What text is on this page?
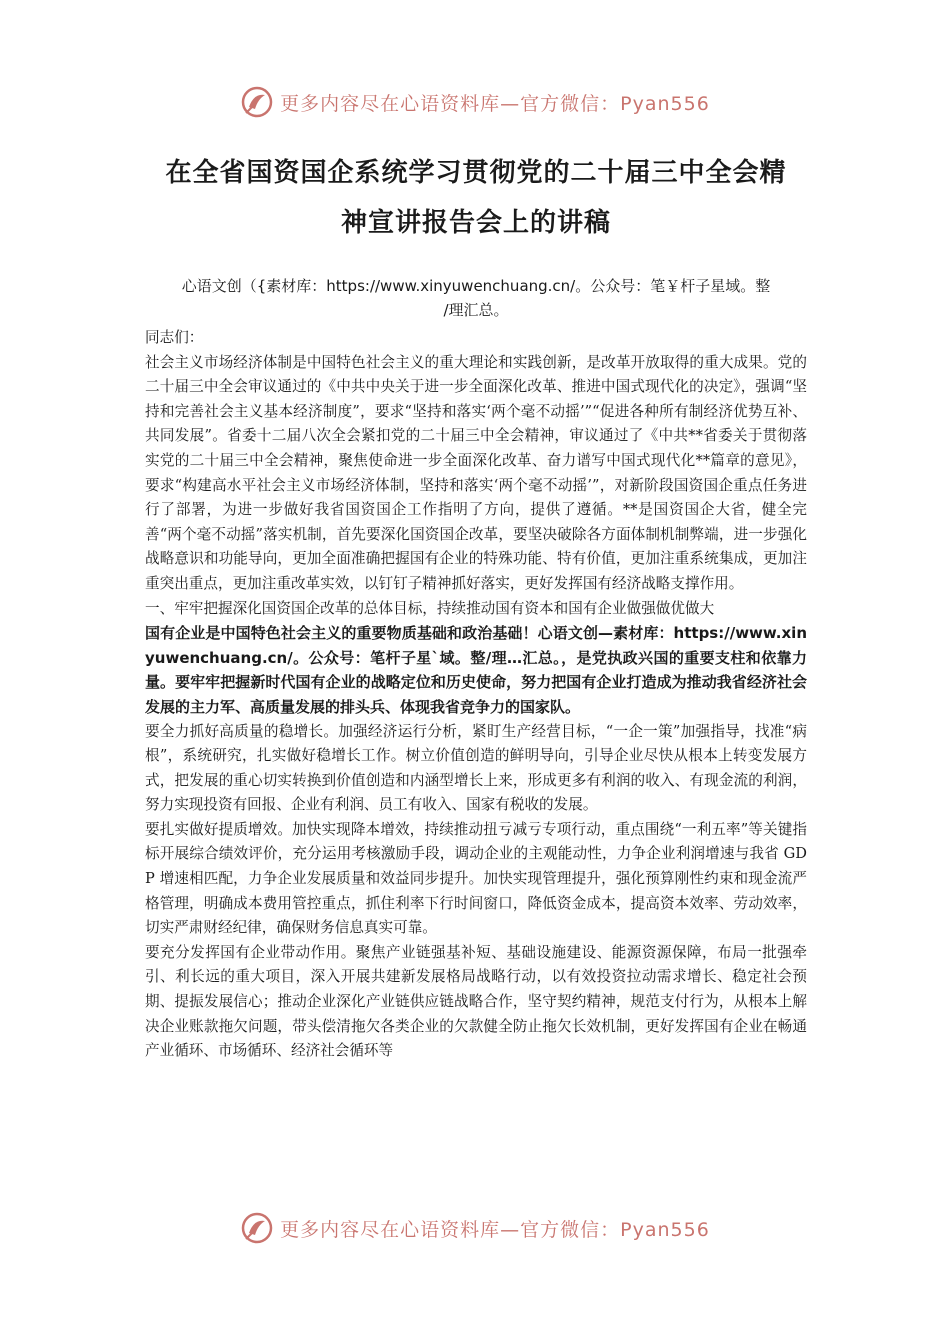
更多内容尽在心语资料库—官方微信：Pyan556
在全省国资国企系统学习贯彻党的二十届三中全会精
神宣讲报告会上的讲稿
心语文创（{素材库：https://www.xinyuwenchuang.cn/。公众号：笔￥杆子星域。整
/理汇总。

同志们：

社会主义市场经济体制是中国特色社会主义的重大理论和实践创新，是改革开放取得的重大成果。党的二十届三中全会审议通过的《中共中央关于进一步全面深化改革、推进中国式现代化的决定》，强调“坚持和完善社会主义基本经济制度”，要求“坚持和落实‘两个毫不动摇’”“促进各种所有制经济优势互补、共同发展”。省委十二届八次全会紧扣党的二十届三中全会精神，审议通过了《中共**省委关于贯彻落实党的二十届三中全会精神，聚焦使命进一步全面深化改革、奋力谱写中国式现代化**篇章的意见》，要求“构建高水平社会主义市场经济体制，坚持和落实‘两个毫不动摇’”，对新阶段国资国企重点任务进行了部署，为进一步做好我省国资国企工作指明了方向，提供了遵循。**是国资国企大省，健全完善“两个毫不动摇”落实机制，首先要深化国资国企改革，要坚决破除各方面体制机制弊端，进一步强化战略意识和功能导向，更加全面准确把握国有企业的特殊功能、特有价值，更加注重系统集成，更加注重突出重点，更加注重改革实效，以钉钉子精神抓好落实，更好发挥国有经济战略支撑作用。

一、牢牢把握深化国资国企改革的总体目标，持续推动国有资本和国有企业做强做优做大

国有企业是中国特色社会主义的重要物质基础和政治基础！心语文创—素材库：https://www.xinyuwenchuang.cn/。公众号：笔杆子星`域。整/理…汇总。，是党执政兴国的重要支柱和依靠力量。要牢牢把握新时代国有企业的战略定位和历史使命，努力把国有企业打造成为推动我省经济社会发展的主力军、高质量发展的排头兵、体现我省竞争力的国家队。

要全力抓好高质量的稳增长。加强经济运行分析，紧盯生产经营目标，“一企一策”加强指导，找准“病根”，系统研究，扎实做好稳增长工作。树立价值创造的鲜明导向，引导企业尽快从根本上转变发展方式，把发展的重心切实转换到价值创造和内涵型增长上来，形成更多有利润的收入、有现金流的利润，努力实现投资有回报、企业有利润、员工有收入、国家有税收的发展。

要扎实做好提质增效。加快实现降本增效，持续推动扭亏减亏专项行动，重点围绕“一利五率”等关键指标开展综合绩效评价，充分运用考核激励手段，调动企业的主观能动性，力争企业利润增速与我省 GDP 增速相匹配，力争企业发展质量和效益同步提升。加快实现管理提升，强化预算刚性约束和现金流严格管理，明确成本费用管控重点，抓住利率下行时间窗口，降低资金成本，提高资本效率、劳动效率，切实严肃财经纪律，确保财务信息真实可靠。

要充分发挥国有企业带动作用。聚焦产业链强基补短、基础设施建设、能源资源保障，布局一批强牵引、利长远的重大项目，深入开展共建新发展格局战略行动，以有效投资拉动需求增长、稳定社会预期、提振发展信心；推动企业深化产业链供应链战略合作，坚守契约精神，规范支付行为，从根本上解决企业账款拖欠问题，带头偿清拖欠各类企业的欠款健全防止拖欠长效机制，更好发挥国有企业在畅通产业循环、市场循环、经济社会循环等

更多内容尽在心语资料库—官方微信：Pyan556
